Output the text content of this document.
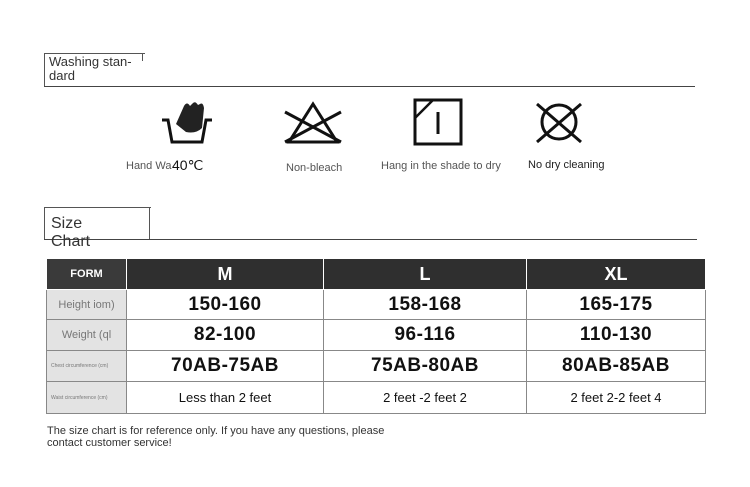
Washing stan-dard
Hand Wa 40℃	Non-bleach	Hang in the shade to dry No dry cleaning
Size Chart
FORM	M	L	XL
Height iom)	150-160	158-168	165-175
Weight (ql	82-100	96-116	110-130
Chest circumference (cm)	70AB-75AB	75AB-80AB	80AB-85AB
Waist circumference (cm)	Less than 2 feet	2 feet -2 feet 2	2 feet 2-2 feet 4
The size chart is for reference only. If you have any questions, please contact customer service!
